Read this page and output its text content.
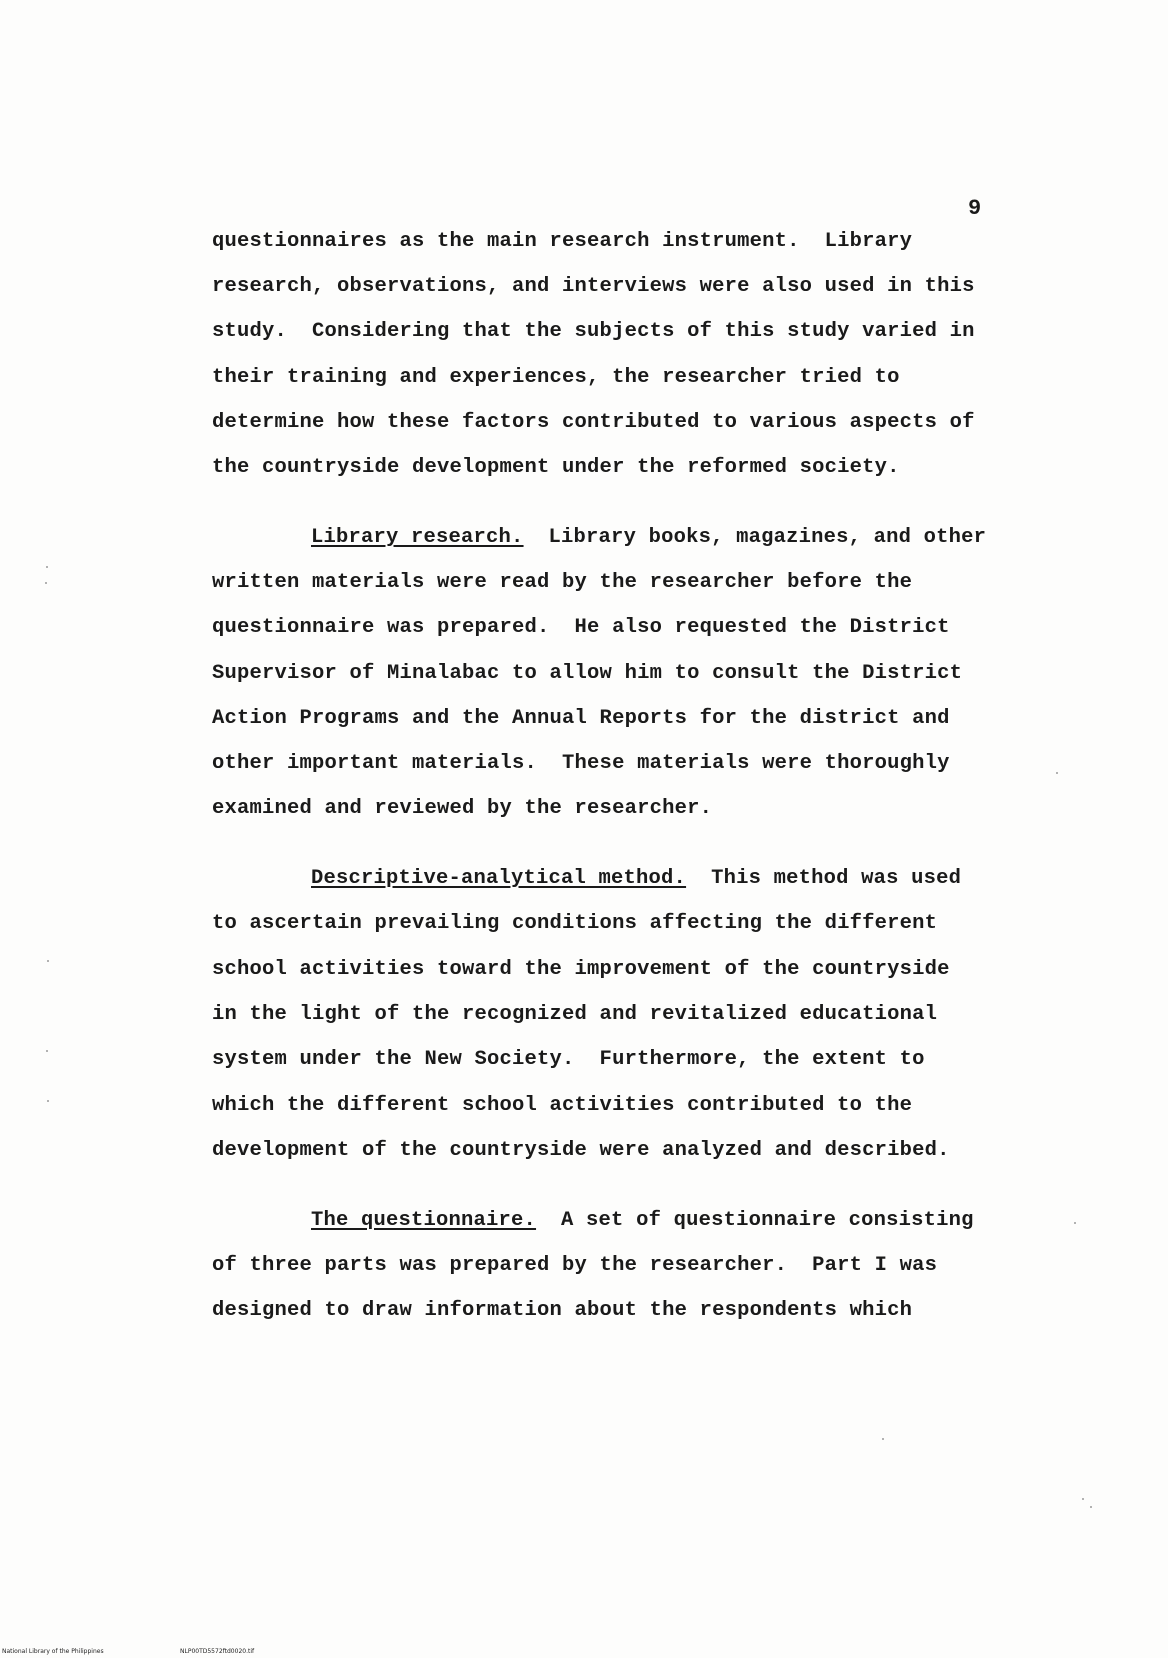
9
questionnaires as the main research instrument.  Library
research, observations, and interviews were also used in this
study.  Considering that the subjects of this study varied in
their training and experiences, the researcher tried to
determine how these factors contributed to various aspects of
the countryside development under the reformed society.
Library research.  Library books, magazines, and other
written materials were read by the researcher before the
questionnaire was prepared.  He also requested the District
Supervisor of Minalabac to allow him to consult the District
Action Programs and the Annual Reports for the district and
other important materials.  These materials were thoroughly
examined and reviewed by the researcher.
Descriptive-analytical method.  This method was used
to ascertain prevailing conditions affecting the different
school activities toward the improvement of the countryside
in the light of the recognized and revitalized educational
system under the New Society.  Furthermore, the extent to
which the different school activities contributed to the
development of the countryside were analyzed and described.
The questionnaire.  A set of questionnaire consisting
of three parts was prepared by the researcher.  Part I was
designed to draw information about the respondents which
National Library of the Philippines	NLP00TD5572ftd0020.tif
